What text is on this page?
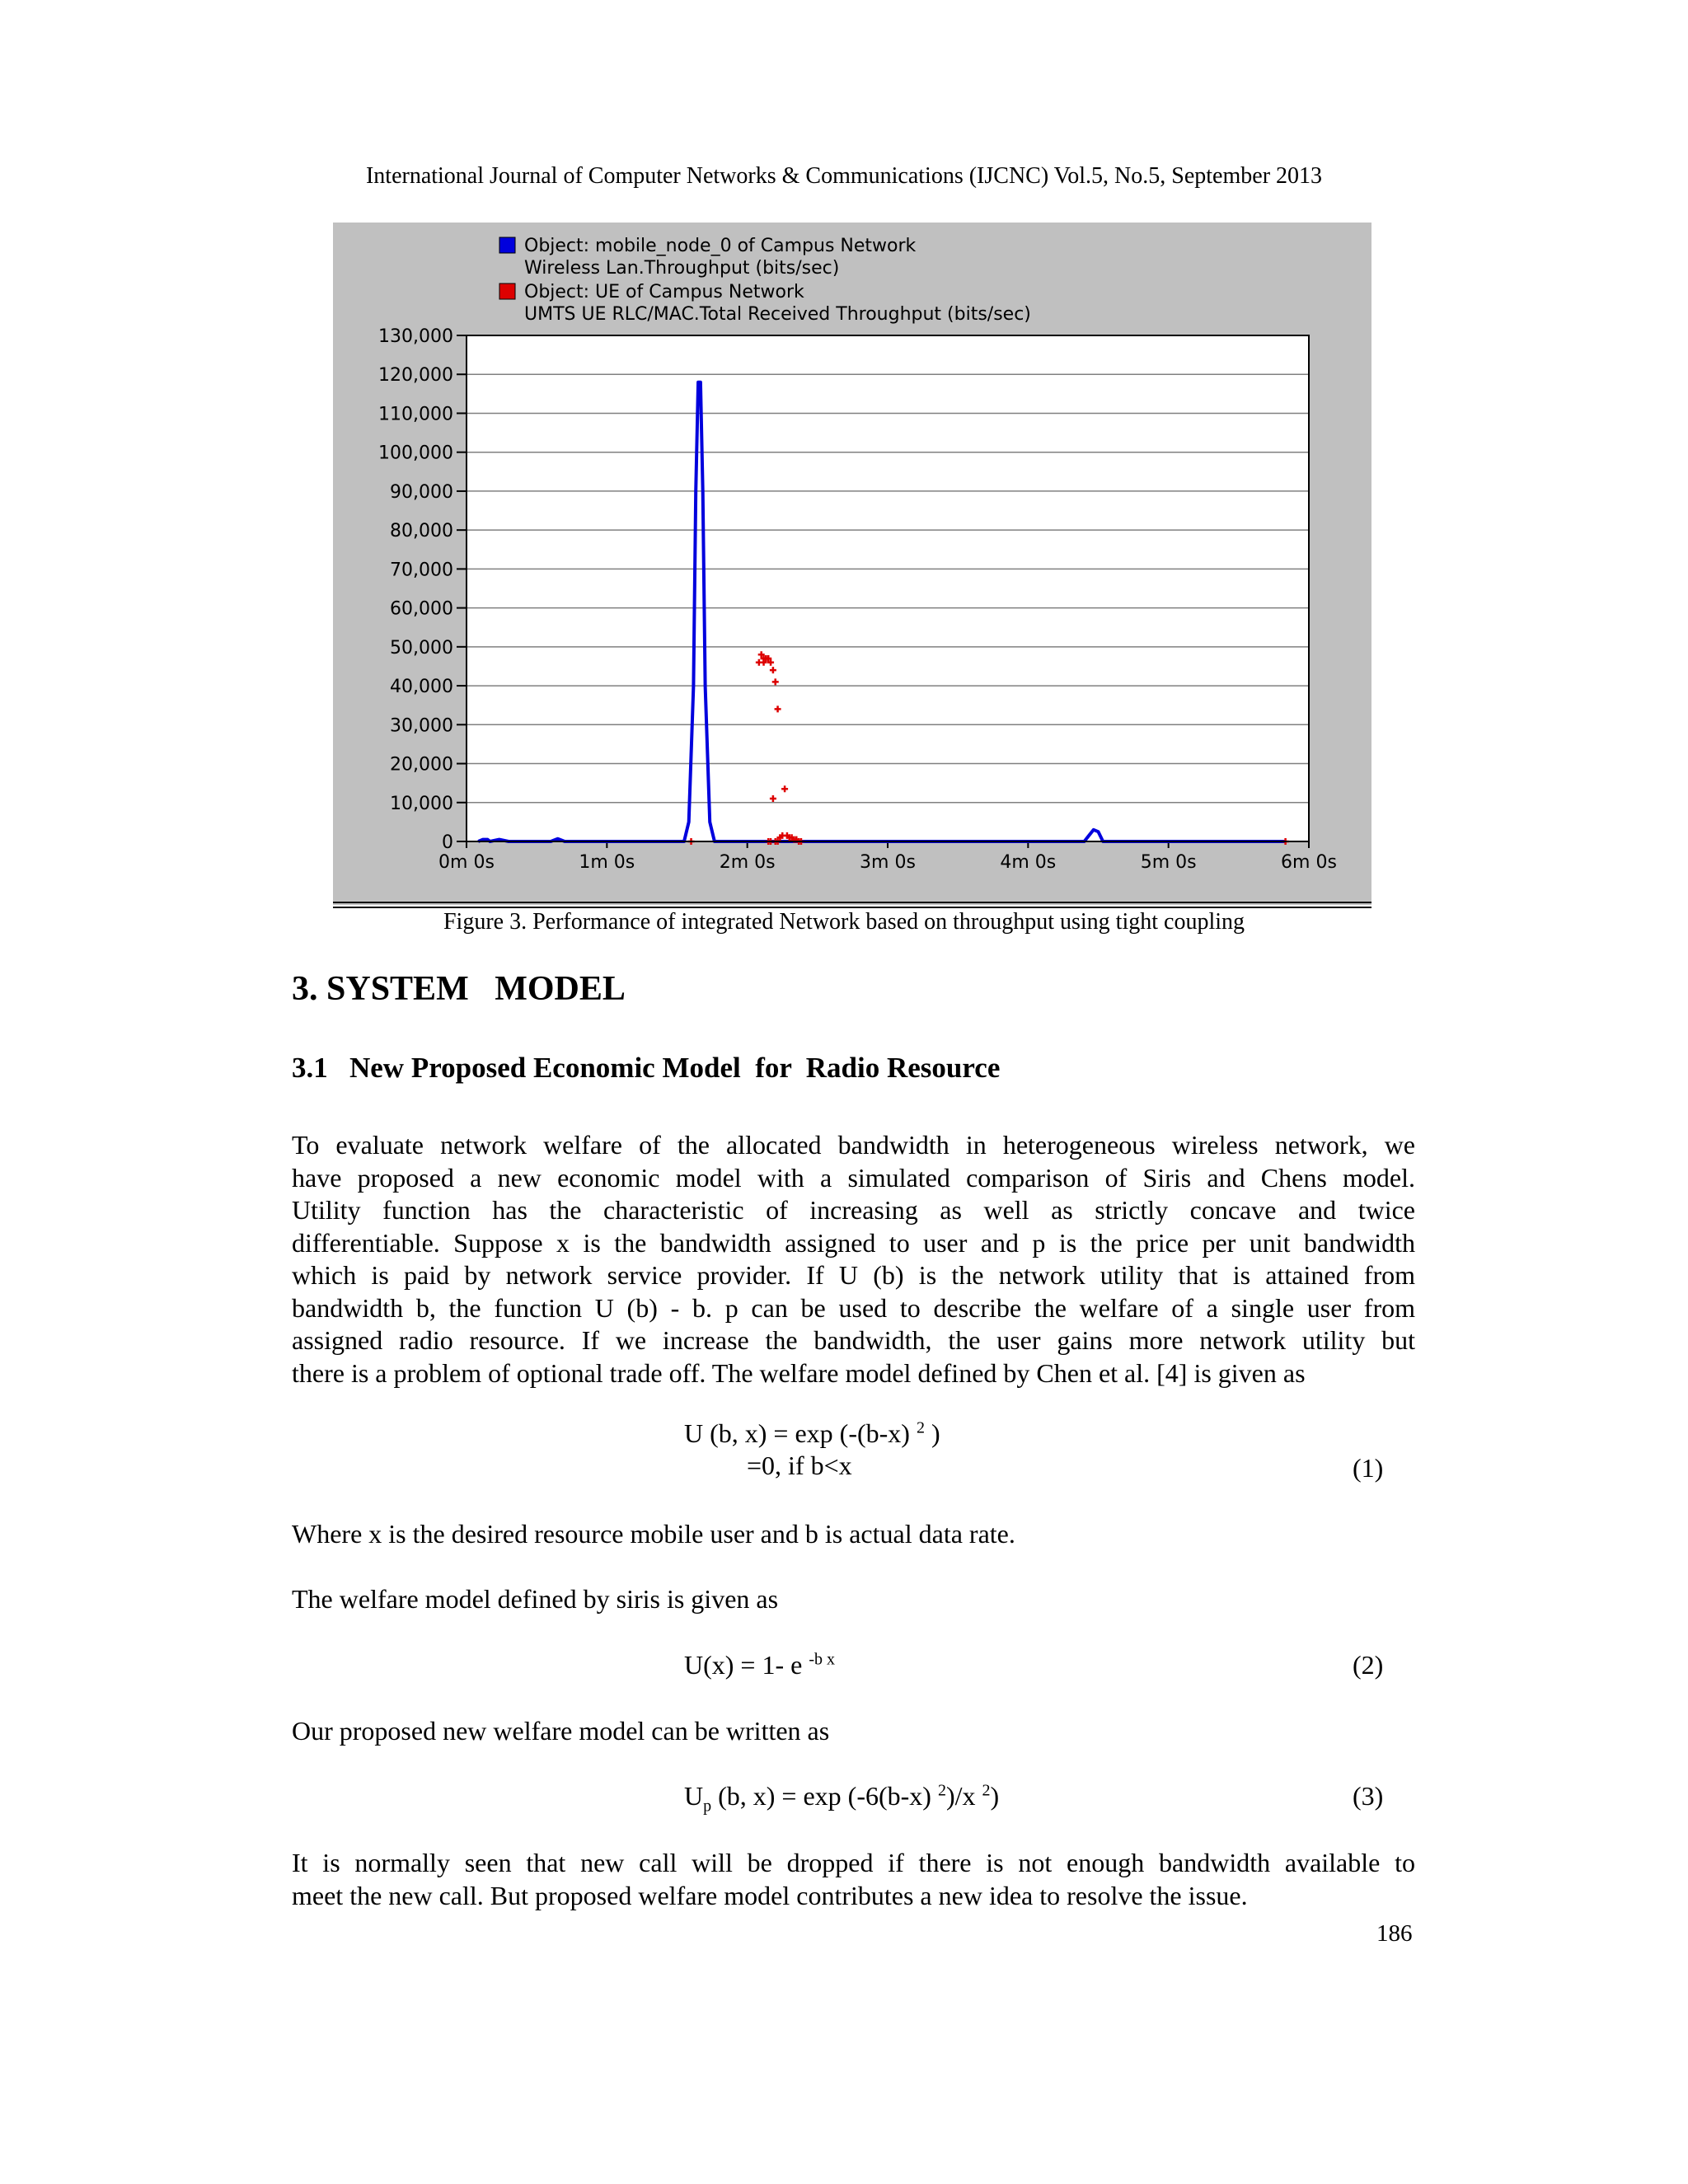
International Journal of Computer Networks & Communications (IJCNC) Vol.5, No.5, September 2013
Object: mobile_node_0 of Campus Network
Wireless Lan.Throughput (bits/sec)
Object: UE of Campus Network
UMTS UE RLC/MAC.Total Received Throughput (bits/sec)
0
10,000
20,000
30,000
40,000
50,000
60,000
70,000
80,000
90,000
100,000
110,000
120,000
130,000
0m 0s	1m 0s	2m 0s	3m 0s	4m 0s	5m 0s	6m 0s
Figure 3. Performance of integrated Network based on throughput using tight coupling
3. SYSTEM   MODEL
3.1   New Proposed Economic Model  for  Radio Resource

To evaluate network welfare of the allocated bandwidth in heterogeneous wireless network, we

have proposed a new economic model with a simulated comparison of Siris and Chens model.

Utility function has the characteristic of increasing as well as strictly concave and twice

differentiable. Suppose x is the bandwidth assigned to user and p is the price per unit bandwidth

which is paid by network service provider. If U (b) is the network utility that is attained from

bandwidth b, the function U (b) - b. p can be used to describe the welfare of a single user from

assigned radio resource. If we increase the bandwidth, the user gains more network utility but

there is a problem of optional trade off. The welfare model defined by Chen et al. [4] is given as

U (b, x) = exp (-(b-x) $^2$ )
=0, if b<x	(1)
Where x is the desired resource mobile user and b is actual data rate.
The welfare model defined by siris is given as
U(x) = 1- e $^{-b x}$	(2)
Our proposed new welfare model can be written as
$U_p$ (b, x) = exp (-6(b-x) $^2$)/x $^2$)	(3)

It is normally seen that new call will be dropped if there is not enough bandwidth available to

meet the new call. But proposed welfare model contributes a new idea to resolve the issue.

186
